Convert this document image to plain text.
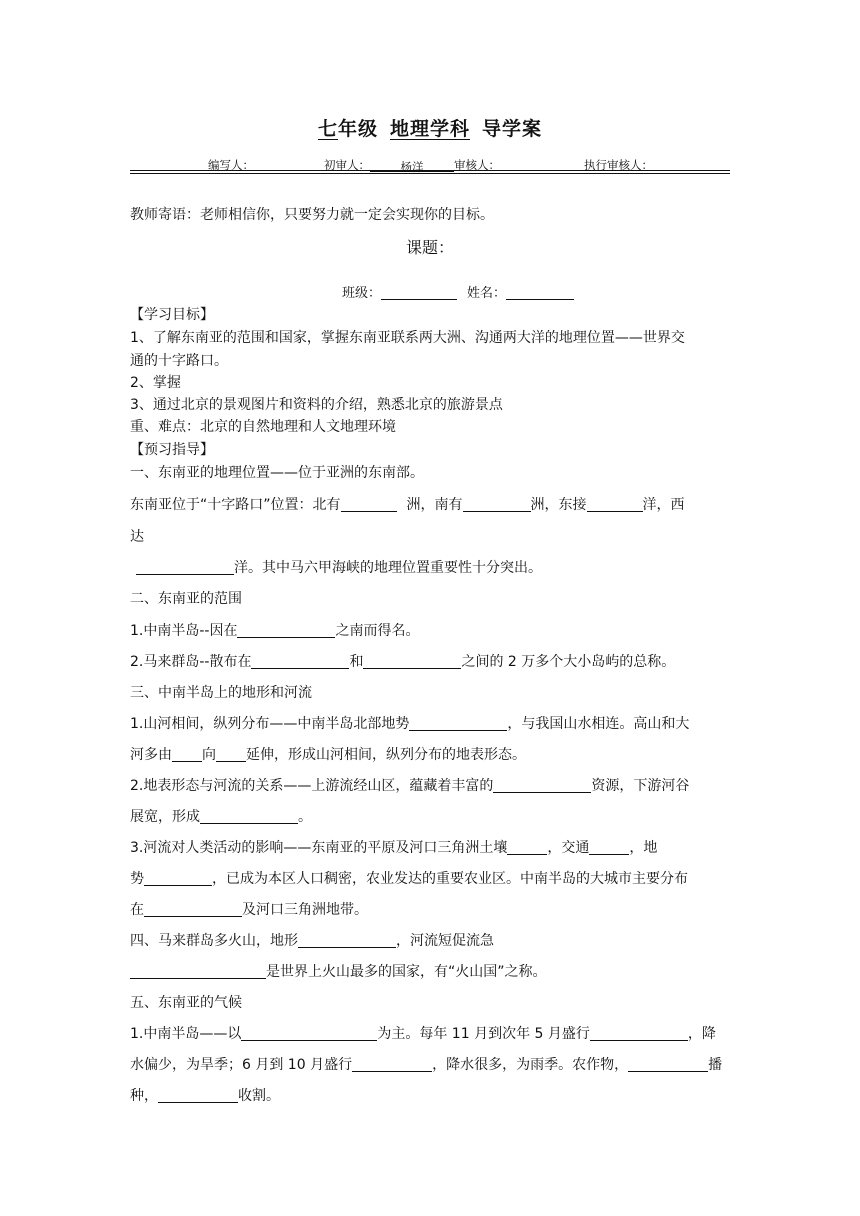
七年级 地理学科 导学案
编写人：	初审人：	杨洋	审核人：	执行审核人：
教师寄语：老师相信你，只要努力就一定会实现你的目标。
课题：
班级：	姓名：
【学习目标】
1、了解东南亚的范围和国家，掌握东南亚联系两大洲、沟通两大洋的地理位置——世界交
通的十字路口。
2、掌握
3、通过北京的景观图片和资料的介绍，熟悉北京的旅游景点
重、难点：北京的自然地理和人文地理环境
【预习指导】
一、东南亚的地理位置——位于亚洲的东南部。
东南亚位于“十字路口”位置：北有	洲，南有	洲，东接	洋，西
达
洋。其中马六甲海峡的地理位置重要性十分突出。
二、东南亚的范围
1.中南半岛--因在	之南而得名。
2.马来群岛--散布在	和	之间的 2 万多个大小岛屿的总称。
三、中南半岛上的地形和河流
1.山河相间，纵列分布——中南半岛北部地势	，与我国山水相连。高山和大
河多由 向 延伸，形成山河相间，纵列分布的地表形态。
2.地表形态与河流的关系——上游流经山区，蕴藏着丰富的	资源，下游河谷
展宽，形成	。
3.河流对人类活动的影响——东南亚的平原及河口三角洲土壤	，交通	，地
势	，已成为本区人口稠密，农业发达的重要农业区。中南半岛的大城市主要分布
在	及河口三角洲地带。
四、马来群岛多火山，地形	，河流短促流急
是世界上火山最多的国家，有“火山国”之称。
五、东南亚的气候
1.中南半岛——以	为主。每年 11 月到次年 5 月盛行	，降
水偏少，为旱季；6 月到 10 月盛行	，降水很多，为雨季。农作物，	播
种，	收割。
